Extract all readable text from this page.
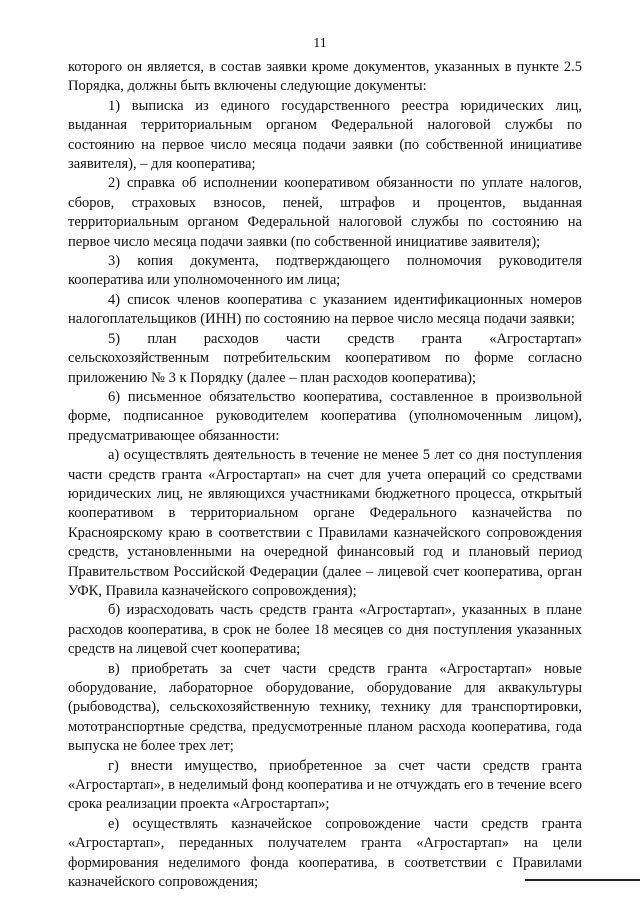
11

которого он является, в состав заявки кроме документов, указанных в пункте 2.5 Порядка, должны быть включены следующие документы:

1) выписка из единого государственного реестра юридических лиц, выданная территориальным органом Федеральной налоговой службы по состоянию на первое число месяца подачи заявки (по собственной инициативе заявителя), – для кооператива;

2) справка об исполнении кооперативом обязанности по уплате налогов, сборов, страховых взносов, пеней, штрафов и процентов, выданная территориальным органом Федеральной налоговой службы по состоянию на первое число месяца подачи заявки (по собственной инициативе заявителя);

3) копия документа, подтверждающего полномочия руководителя кооператива или уполномоченного им лица;

4) список членов кооператива с указанием идентификационных номеров налогоплательщиков (ИНН) по состоянию на первое число месяца подачи заявки;

5) план расходов части средств гранта «Агростартап» сельскохозяйственным потребительским кооперативом по форме согласно приложению № 3 к Порядку (далее – план расходов кооператива);

6) письменное обязательство кооператива, составленное в произвольной форме, подписанное руководителем кооператива (уполномоченным лицом), предусматривающее обязанности:

а) осуществлять деятельность в течение не менее 5 лет со дня поступления части средств гранта «Агростартап» на счет для учета операций со средствами юридических лиц, не являющихся участниками бюджетного процесса, открытый кооперативом в территориальном органе Федерального казначейства по Красноярскому краю в соответствии с Правилами казначейского сопровождения средств, установленными на очередной финансовый год и плановый период Правительством Российской Федерации (далее – лицевой счет кооператива, орган УФК, Правила казначейского сопровождения);

б) израсходовать часть средств гранта «Агростартап», указанных в плане расходов кооператива, в срок не более 18 месяцев со дня поступления указанных средств на лицевой счет кооператива;

в) приобретать за счет части средств гранта «Агростартап» новые оборудование, лабораторное оборудование, оборудование для аквакультуры (рыбоводства), сельскохозяйственную технику, технику для транспортировки, мототранспортные средства, предусмотренные планом расхода кооператива, года выпуска не более трех лет;

г) внести имущество, приобретенное за счет части средств гранта «Агростартап», в неделимый фонд кооператива и не отчуждать его в течение всего срока реализации проекта «Агростартап»;

е) осуществлять казначейское сопровождение части средств гранта «Агростартап», переданных получателем гранта «Агростартап» на цели формирования неделимого фонда кооператива, в соответствии с Правилами казначейского сопровождения;
